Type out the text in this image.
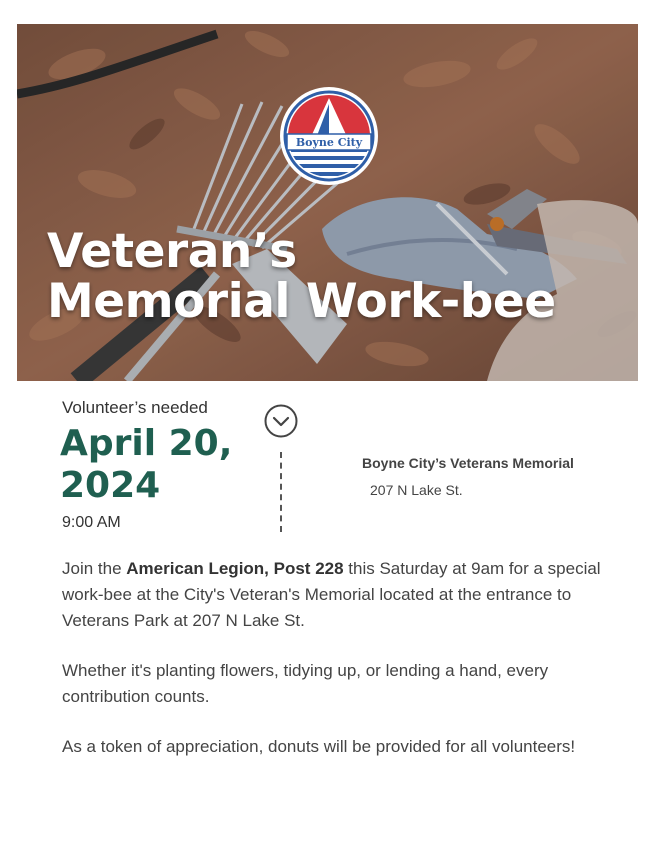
Boyne City
Veteran’s
Memorial Work-bee
Volunteer’s needed
April 20,
2024
9:00 AM
Boyne City’s Veterans Memorial
207 N Lake St.

Join the American Legion, Post 228 this Saturday at 9am for a special work-bee at the City's Veteran's Memorial located at the entrance to Veterans Park at 207 N Lake St.

Whether it's planting flowers, tidying up, or lending a hand, every contribution counts.

As a token of appreciation, donuts will be provided for all volunteers!
